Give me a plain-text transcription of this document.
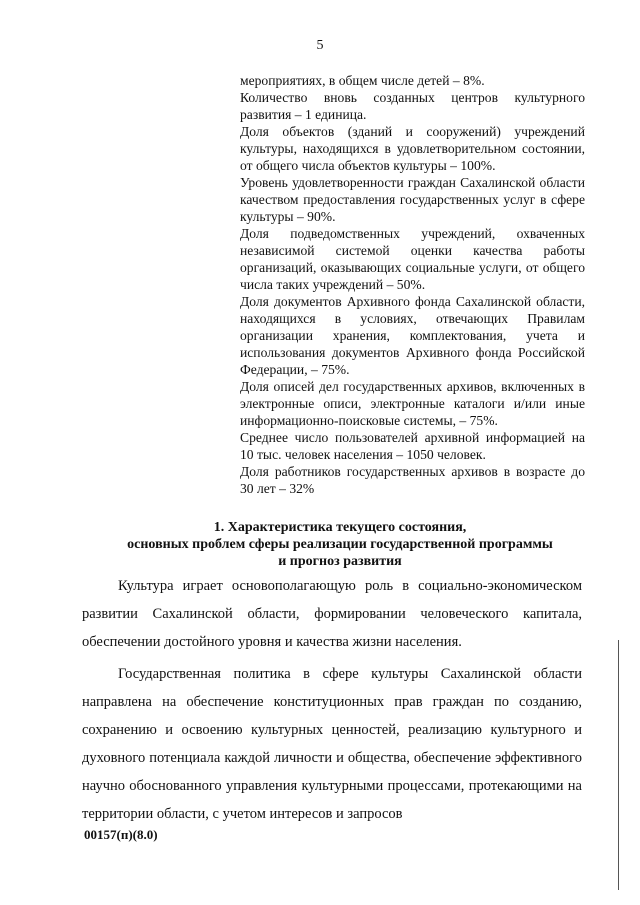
5
мероприятиях, в общем числе детей – 8%.
Количество вновь созданных центров культурного развития – 1 единица.
Доля объектов (зданий и сооружений) учреждений культуры, находящихся в удовлетворительном состоянии, от общего числа объектов культуры – 100%.
Уровень удовлетворенности граждан Сахалинской области качеством предоставления государственных услуг в сфере культуры – 90%.
Доля подведомственных учреждений, охваченных независимой системой оценки качества работы организаций, оказывающих социальные услуги, от общего числа таких учреждений – 50%.
Доля документов Архивного фонда Сахалинской области, находящихся в условиях, отвечающих Правилам организации хранения, комплектования, учета и использования документов Архивного фонда Российской Федерации, – 75%.
Доля описей дел государственных архивов, включенных в электронные описи, электронные каталоги и/или иные информационно-поисковые системы, – 75%.
Среднее число пользователей архивной информацией на 10 тыс. человек населения – 1050 человек.
Доля работников государственных архивов в возрасте до 30 лет – 32%
1. Характеристика текущего состояния,
основных проблем сферы реализации государственной программы
и прогноз развития

Культура играет основополагающую роль в социально-экономическом развитии Сахалинской области, формировании человеческого капитала, обеспечении достойного уровня и качества жизни населения.

Государственная политика в сфере культуры Сахалинской области направлена на обеспечение конституционных прав граждан по созданию, сохранению и освоению культурных ценностей, реализацию культурного и духовного потенциала каждой личности и общества, обеспечение эффективного научно обоснованного управления культурными процессами, протекающими на территории области, с учетом интересов и запросов

00157(п)(8.0)
